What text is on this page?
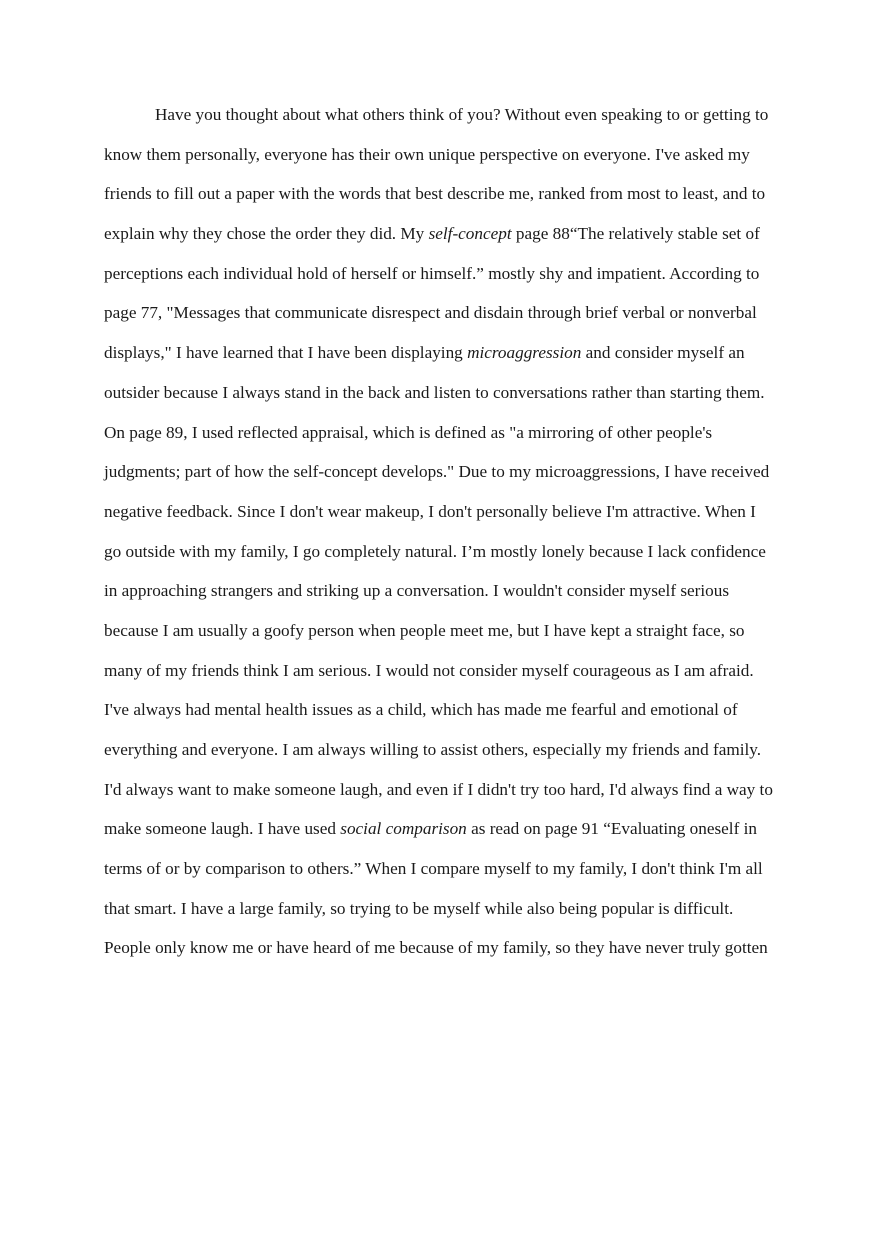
Have you thought about what others think of you? Without even speaking to or getting to
know them personally, everyone has their own unique perspective on everyone. I've asked my
friends to fill out a paper with the words that best describe me, ranked from most to least, and to
explain why they chose the order they did. My self-concept page 88“The relatively stable set of
perceptions each individual hold of herself or himself.” mostly shy and impatient. According to
page 77, "Messages that communicate disrespect and disdain through brief verbal or nonverbal
displays," I have learned that I have been displaying microaggression and consider myself an
outsider because I always stand in the back and listen to conversations rather than starting them.
On page 89, I used reflected appraisal, which is defined as "a mirroring of other people's
judgments; part of how the self-concept develops." Due to my microaggressions, I have received
negative feedback. Since I don't wear makeup, I don't personally believe I'm attractive. When I
go outside with my family, I go completely natural. I’m mostly lonely because I lack confidence
in approaching strangers and striking up a conversation. I wouldn't consider myself serious
because I am usually a goofy person when people meet me, but I have kept a straight face, so
many of my friends think I am serious. I would not consider myself courageous as I am afraid.
I've always had mental health issues as a child, which has made me fearful and emotional of
everything and everyone. I am always willing to assist others, especially my friends and family.
I'd always want to make someone laugh, and even if I didn't try too hard, I'd always find a way to
make someone laugh. I have used social comparison as read on page 91 “Evaluating oneself in
terms of or by comparison to others.” When I compare myself to my family, I don't think I'm all
that smart. I have a large family, so trying to be myself while also being popular is difficult.
People only know me or have heard of me because of my family, so they have never truly gotten
